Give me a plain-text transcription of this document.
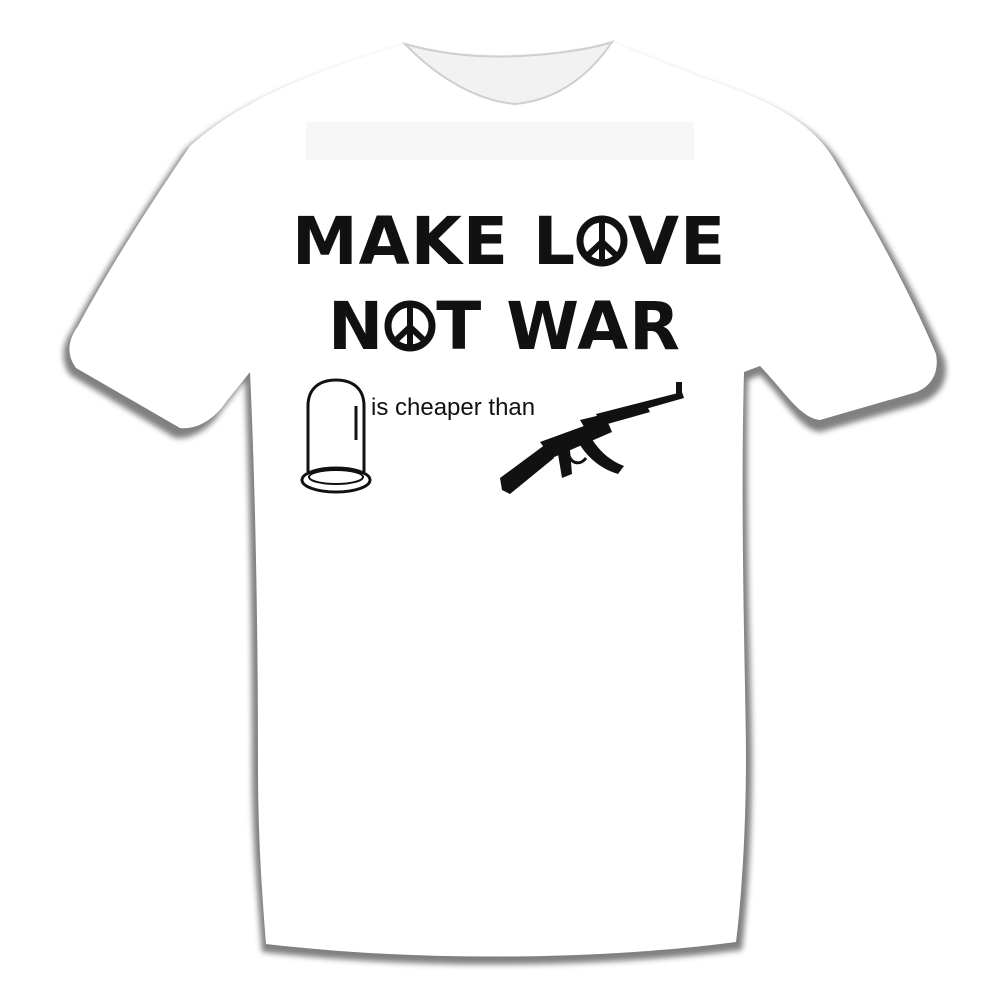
MAKE L VE
N T WAR

is cheaper than
